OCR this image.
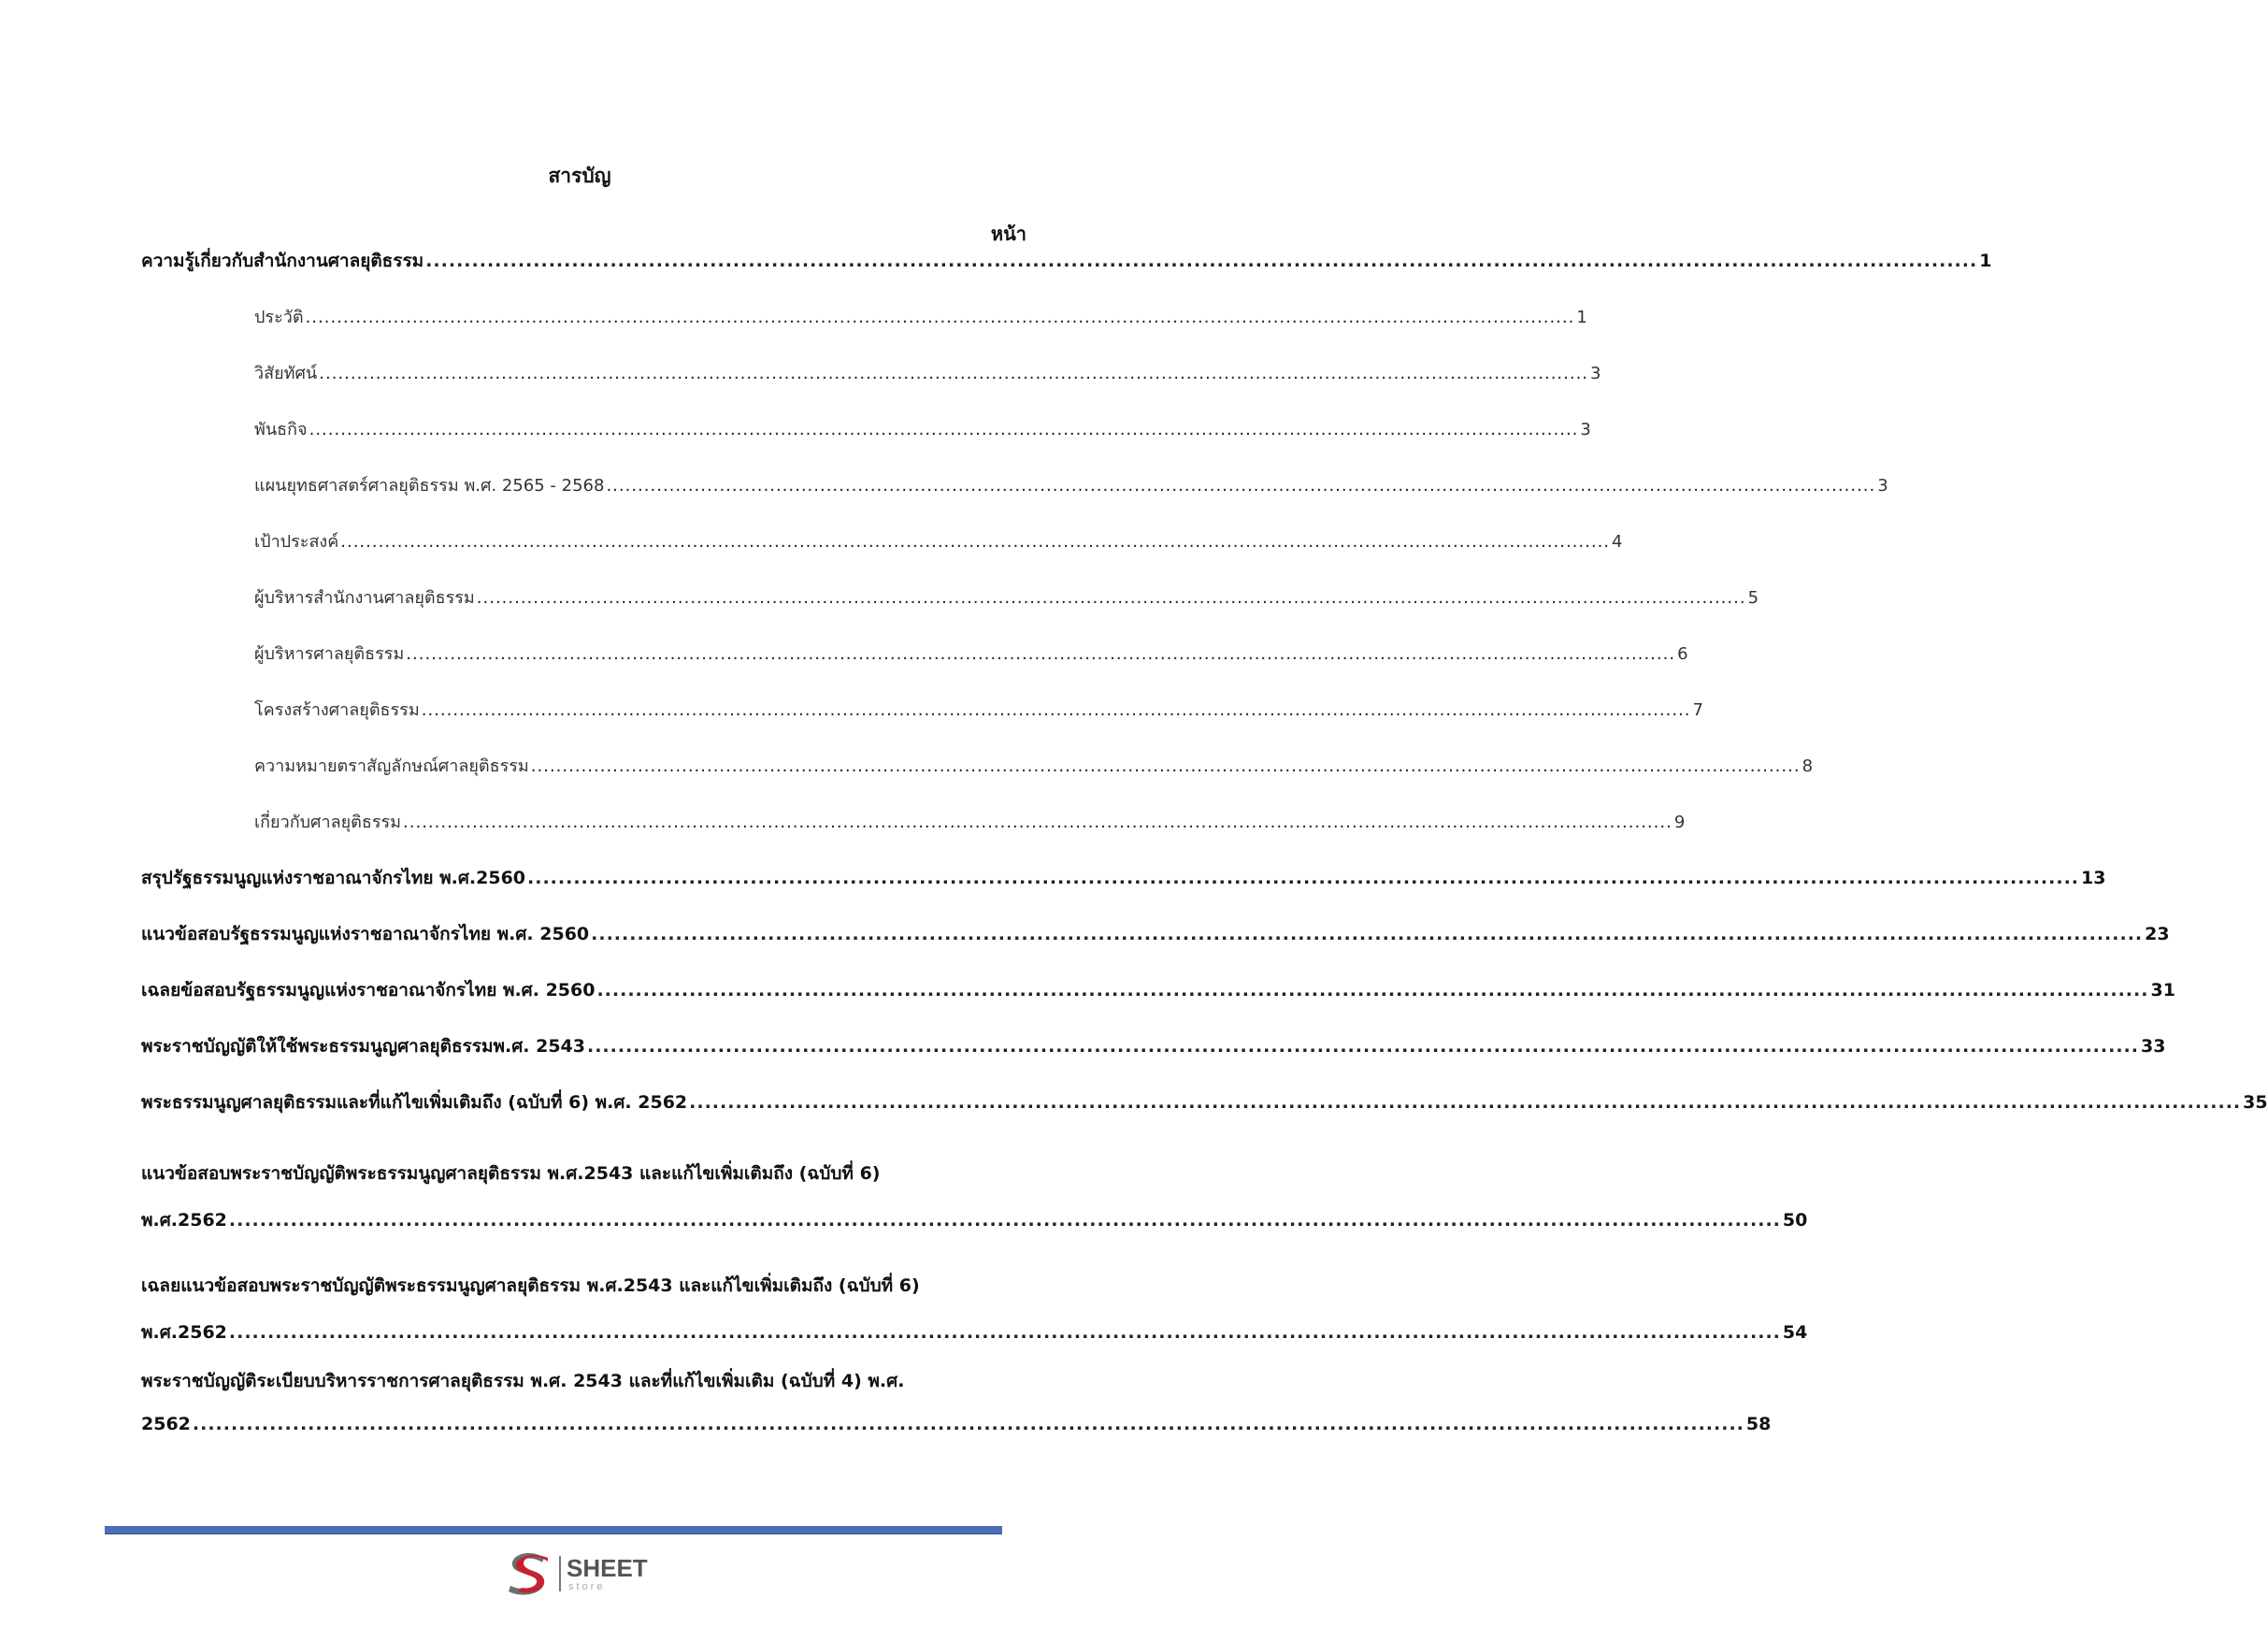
สารบัญ
หน้า
ความรู้เกี่ยวกับสำนักงานศาลยุติธรรม .......................................................................................................................................................................................................... 1
ประวัติ .......................................................................................................................................................................................................... 1
วิสัยทัศน์ .......................................................................................................................................................................................................... 3
พันธกิจ .......................................................................................................................................................................................................... 3
แผนยุทธศาสตร์ศาลยุติธรรม พ.ศ. 2565 - 2568 .......................................................................................................................................................................................................... 3
เป้าประสงค์ .......................................................................................................................................................................................................... 4
ผู้บริหารสำนักงานศาลยุติธรรม .......................................................................................................................................................................................................... 5
ผู้บริหารศาลยุติธรรม .......................................................................................................................................................................................................... 6
โครงสร้างศาลยุติธรรม .......................................................................................................................................................................................................... 7
ความหมายตราสัญลักษณ์ศาลยุติธรรม .......................................................................................................................................................................................................... 8
เกี่ยวกับศาลยุติธรรม .......................................................................................................................................................................................................... 9
สรุปรัฐธรรมนูญแห่งราชอาณาจักรไทย พ.ศ.2560 .......................................................................................................................................................................................................... 13
แนวข้อสอบรัฐธรรมนูญแห่งราชอาณาจักรไทย พ.ศ. 2560 .......................................................................................................................................................................................................... 23
เฉลยข้อสอบรัฐธรรมนูญแห่งราชอาณาจักรไทย พ.ศ. 2560 .......................................................................................................................................................................................................... 31
พระราชบัญญัติให้ใช้พระธรรมนูญศาลยุติธรรมพ.ศ. 2543 .......................................................................................................................................................................................................... 33
พระธรรมนูญศาลยุติธรรมและที่แก้ไขเพิ่มเติมถึง (ฉบับที่ 6) พ.ศ. 2562 .......................................................................................................................................................................................................... 35
แนวข้อสอบพระราชบัญญัติพระธรรมนูญศาลยุติธรรม พ.ศ.2543 และแก้ไขเพิ่มเติมถึง (ฉบับที่ 6)
พ.ศ.2562 .......................................................................................................................................................................................................... 50
เฉลยแนวข้อสอบพระราชบัญญัติพระธรรมนูญศาลยุติธรรม พ.ศ.2543 และแก้ไขเพิ่มเติมถึง (ฉบับที่ 6)
พ.ศ.2562 .......................................................................................................................................................................................................... 54
พระราชบัญญัติระเบียบบริหารราชการศาลยุติธรรม พ.ศ. 2543 และที่แก้ไขเพิ่มเติม (ฉบับที่ 4) พ.ศ.
2562 .......................................................................................................................................................................................................... 58
SHEET
store
